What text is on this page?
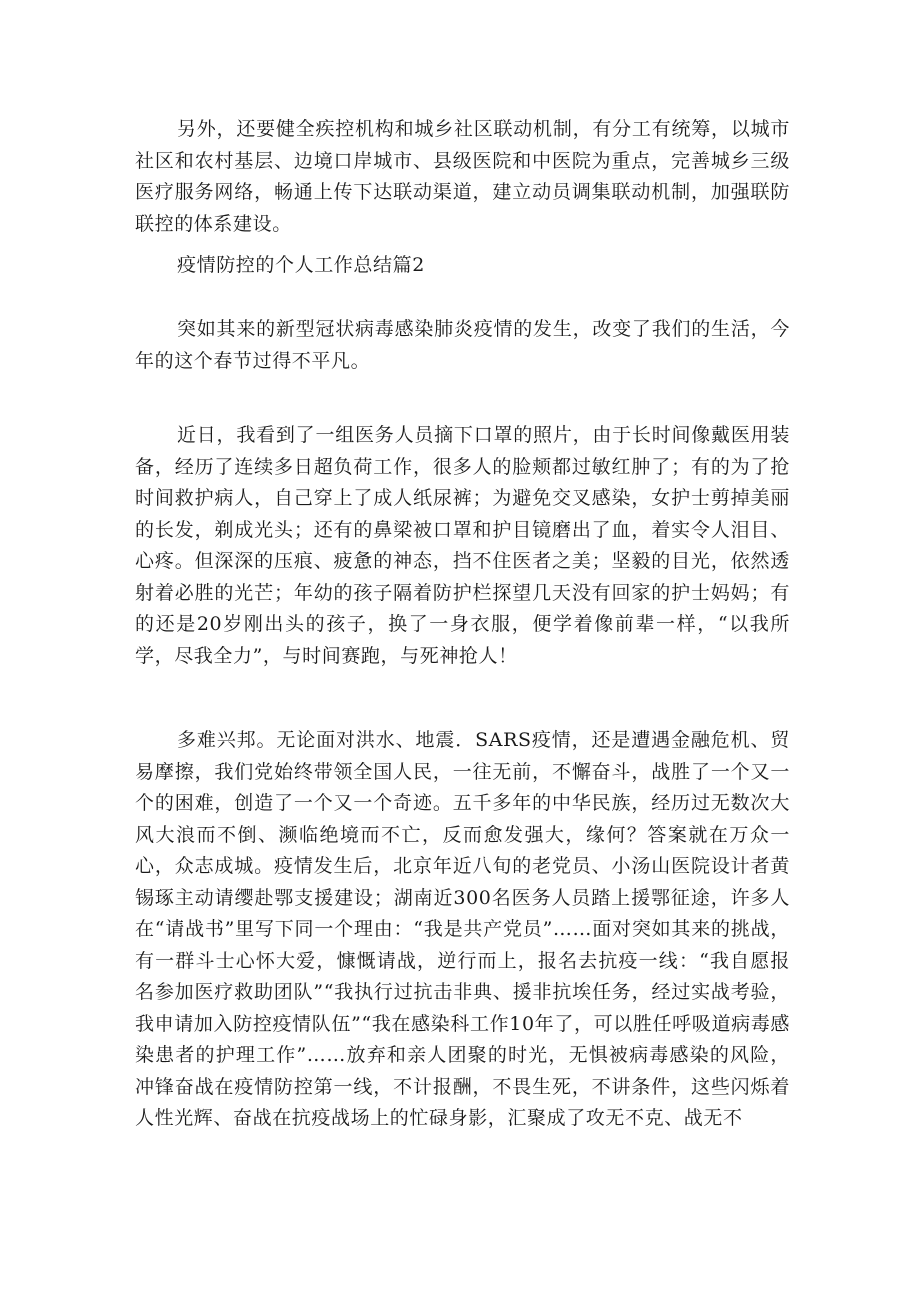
另外，还要健全疾控机构和城乡社区联动机制，有分工有统筹，以城市社区和农村基层、边境口岸城市、县级医院和中医院为重点，完善城乡三级医疗服务网络，畅通上传下达联动渠道，建立动员调集联动机制，加强联防联控的体系建设。

疫情防控的个人工作总结篇2

突如其来的新型冠状病毒感染肺炎疫情的发生，改变了我们的生活，今年的这个春节过得不平凡。

近日，我看到了一组医务人员摘下口罩的照片，由于长时间像戴医用装备，经历了连续多日超负荷工作，很多人的脸颊都过敏红肿了；有的为了抢时间救护病人，自己穿上了成人纸尿裤；为避免交叉感染，女护士剪掉美丽的长发，剃成光头；还有的鼻梁被口罩和护目镜磨出了血，着实令人泪目、心疼。但深深的压痕、疲惫的神态，挡不住医者之美；坚毅的目光，依然透射着必胜的光芒；年幼的孩子隔着防护栏探望几天没有回家的护士妈妈；有的还是20岁刚出头的孩子，换了一身衣服，便学着像前辈一样，“以我所学，尽我全力”，与时间赛跑，与死神抢人！

多难兴邦。无论面对洪水、地震．SARS疫情，还是遭遇金融危机、贸易摩擦，我们党始终带领全国人民，一往无前，不懈奋斗，战胜了一个又一个的困难，创造了一个又一个奇迹。五千多年的中华民族，经历过无数次大风大浪而不倒、濒临绝境而不亡，反而愈发强大，缘何？答案就在万众一心，众志成城。疫情发生后，北京年近八旬的老党员、小汤山医院设计者黄锡琢主动请缨赴鄂支援建设；湖南近300名医务人员踏上援鄂征途，许多人在“请战书”里写下同一个理由：“我是共产党员”……面对突如其来的挑战，有一群斗士心怀大爱，慷慨请战，逆行而上，报名去抗疫一线：“我自愿报名参加医疗救助团队”“我执行过抗击非典、援非抗埃任务，经过实战考验，我申请加入防控疫情队伍”“我在感染科工作10年了，可以胜任呼吸道病毒感染患者的护理工作”……放弃和亲人团聚的时光，无惧被病毒感染的风险，冲锋奋战在疫情防控第一线，不计报酬，不畏生死，不讲条件，这些闪烁着人性光辉、奋战在抗疫战场上的忙碌身影，汇聚成了攻无不克、战无不
